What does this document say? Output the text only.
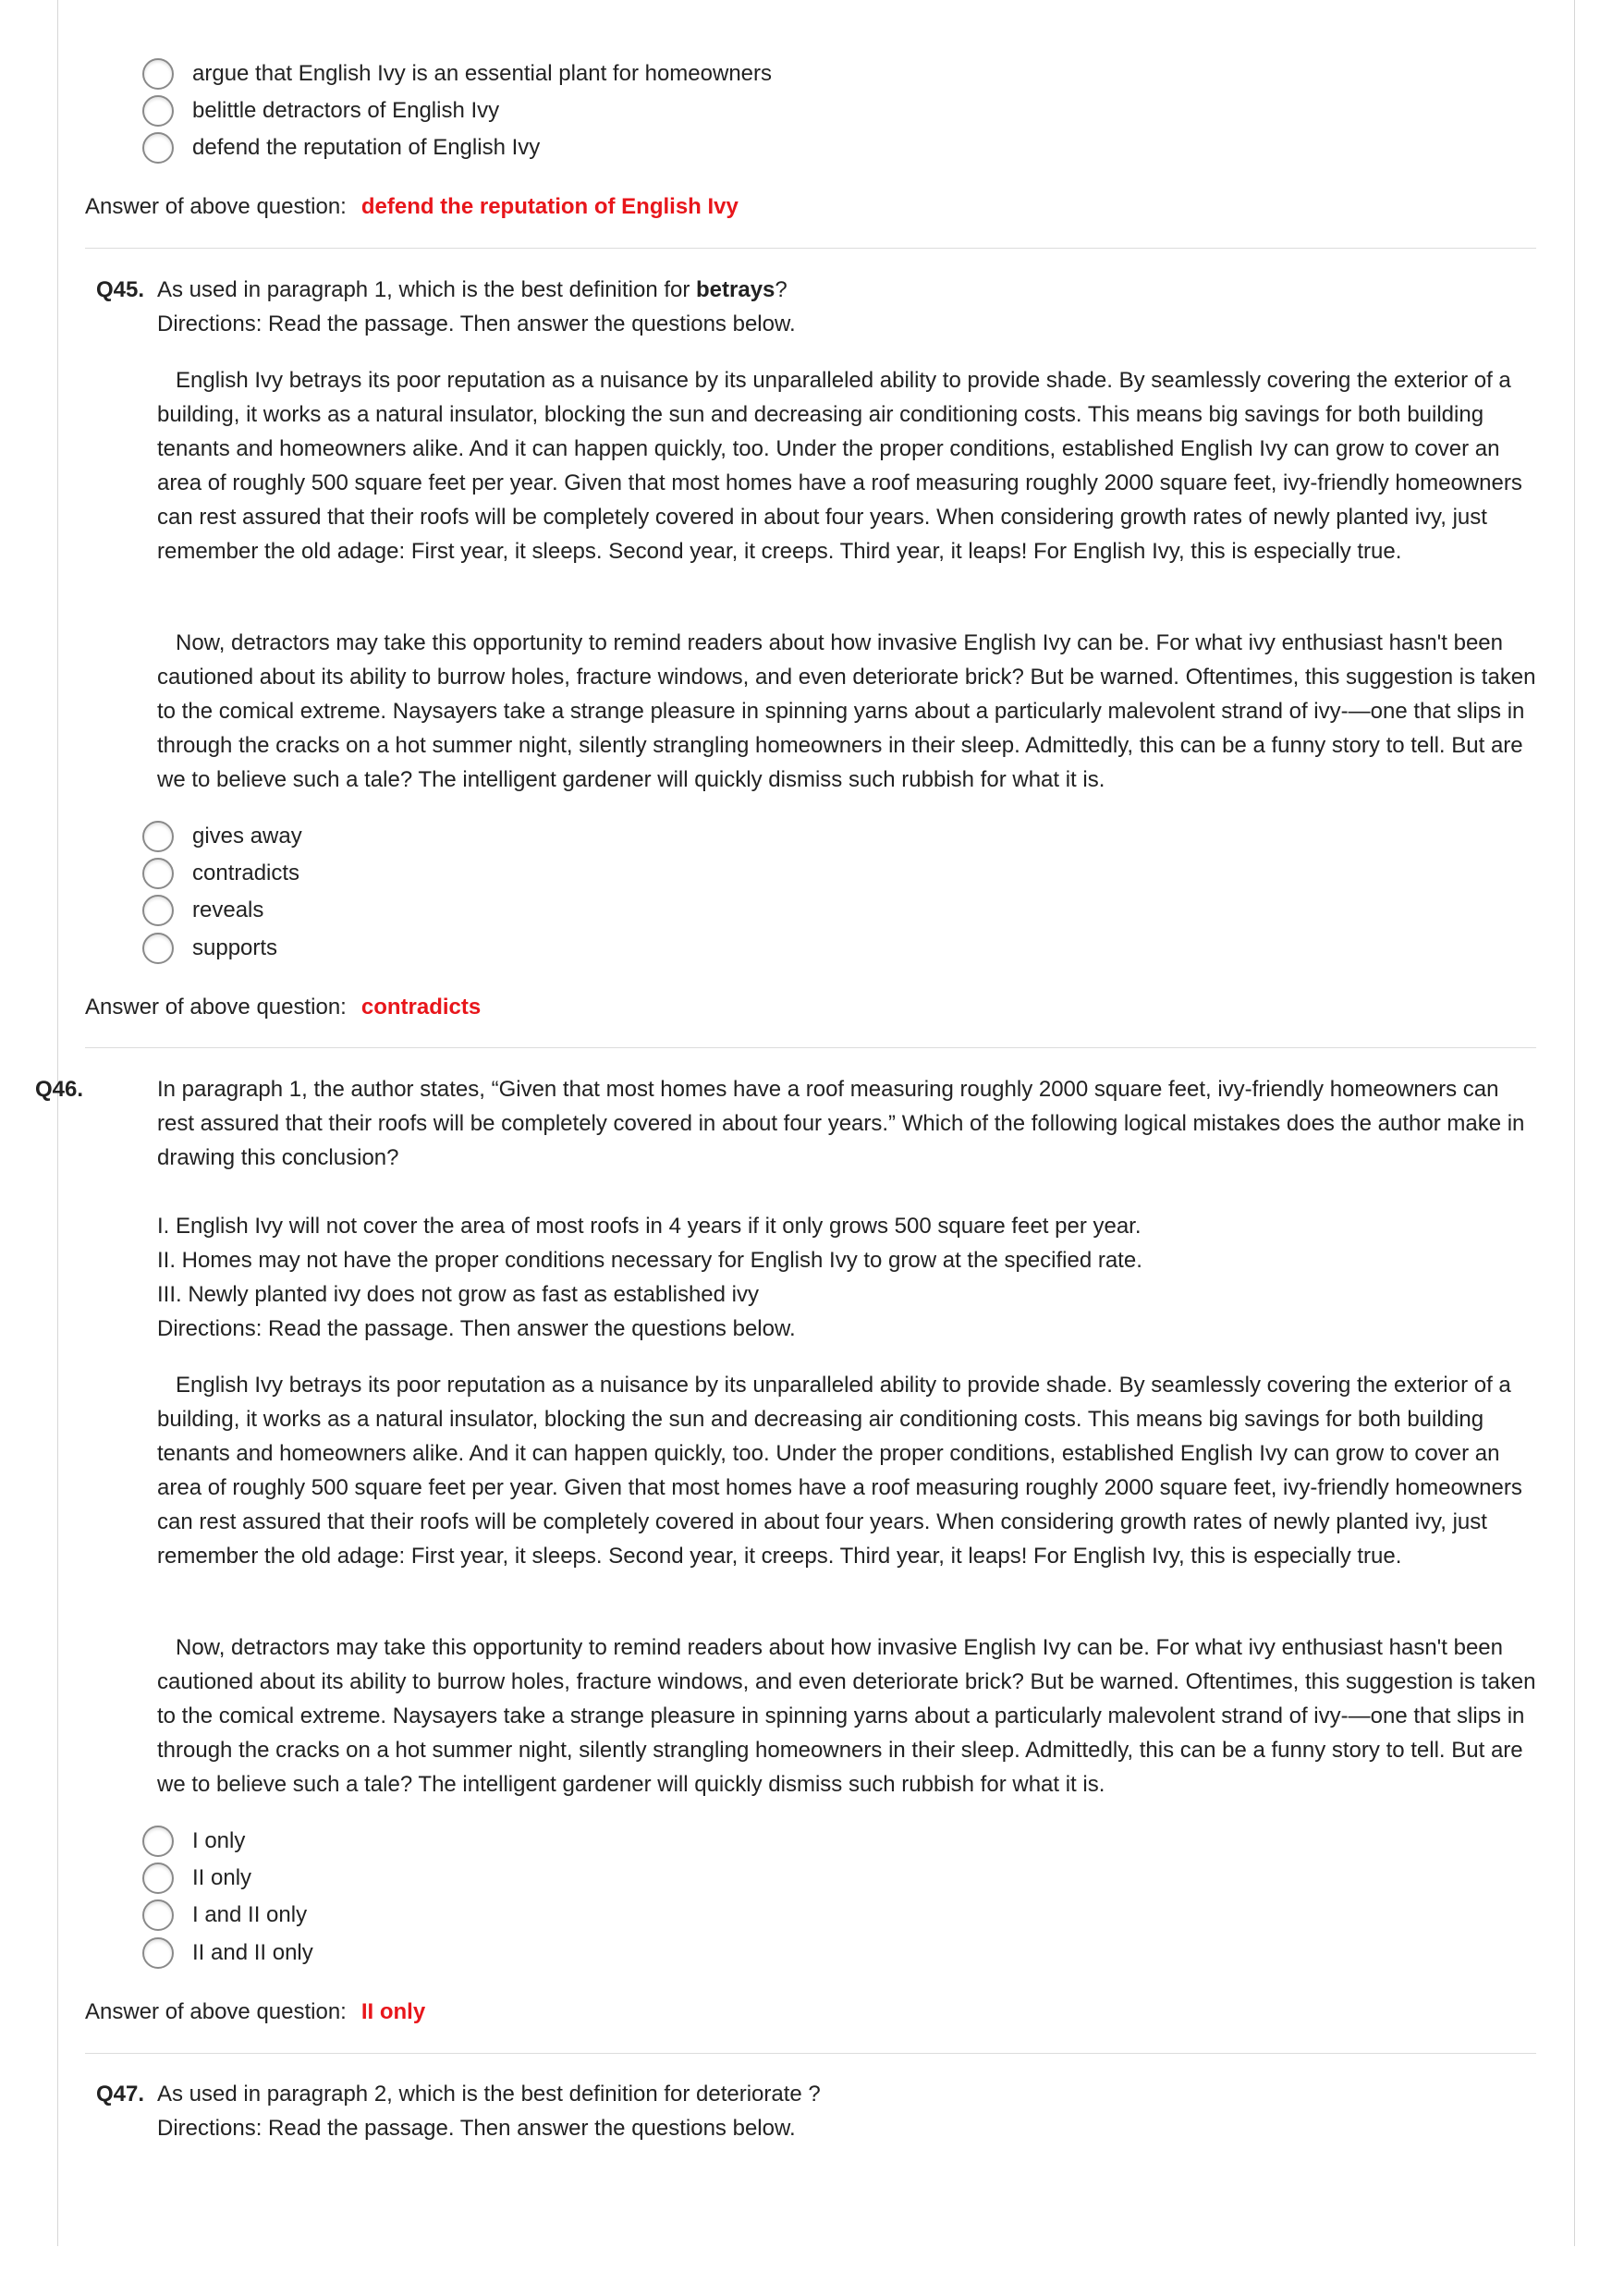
argue that English Ivy is an essential plant for homeowners
belittle detractors of English Ivy
defend the reputation of English Ivy
Answer of above question: defend the reputation of English Ivy
Q45. As used in paragraph 1, which is the best definition for betrays?
Directions: Read the passage. Then answer the questions below.
English Ivy betrays its poor reputation as a nuisance by its unparalleled ability to provide shade. By seamlessly covering the exterior of a building, it works as a natural insulator, blocking the sun and decreasing air conditioning costs. This means big savings for both building tenants and homeowners alike. And it can happen quickly, too. Under the proper conditions, established English Ivy can grow to cover an area of roughly 500 square feet per year. Given that most homes have a roof measuring roughly 2000 square feet, ivy-friendly homeowners can rest assured that their roofs will be completely covered in about four years. When considering growth rates of newly planted ivy, just remember the old adage: First year, it sleeps. Second year, it creeps. Third year, it leaps! For English Ivy, this is especially true.
Now, detractors may take this opportunity to remind readers about how invasive English Ivy can be. For what ivy enthusiast hasn't been cautioned about its ability to burrow holes, fracture windows, and even deteriorate brick? But be warned. Oftentimes, this suggestion is taken to the comical extreme. Naysayers take a strange pleasure in spinning yarns about a particularly malevolent strand of ivy-—one that slips in through the cracks on a hot summer night, silently strangling homeowners in their sleep. Admittedly, this can be a funny story to tell. But are we to believe such a tale? The intelligent gardener will quickly dismiss such rubbish for what it is.
gives away
contradicts
reveals
supports
Answer of above question: contradicts
Q46.	In paragraph 1, the author states, “Given that most homes have a roof measuring roughly 2000 square feet, ivy-friendly homeowners can rest assured that their roofs will be completely covered in about four years.” Which of the following logical mistakes does the author make in drawing this conclusion?
I. English Ivy will not cover the area of most roofs in 4 years if it only grows 500 square feet per year.
II. Homes may not have the proper conditions necessary for English Ivy to grow at the specified rate.
III. Newly planted ivy does not grow as fast as established ivy
Directions: Read the passage. Then answer the questions below.
English Ivy betrays its poor reputation as a nuisance by its unparalleled ability to provide shade. By seamlessly covering the exterior of a building, it works as a natural insulator, blocking the sun and decreasing air conditioning costs. This means big savings for both building tenants and homeowners alike. And it can happen quickly, too. Under the proper conditions, established English Ivy can grow to cover an area of roughly 500 square feet per year. Given that most homes have a roof measuring roughly 2000 square feet, ivy-friendly homeowners can rest assured that their roofs will be completely covered in about four years. When considering growth rates of newly planted ivy, just remember the old adage: First year, it sleeps. Second year, it creeps. Third year, it leaps! For English Ivy, this is especially true.
Now, detractors may take this opportunity to remind readers about how invasive English Ivy can be. For what ivy enthusiast hasn't been cautioned about its ability to burrow holes, fracture windows, and even deteriorate brick? But be warned. Oftentimes, this suggestion is taken to the comical extreme. Naysayers take a strange pleasure in spinning yarns about a particularly malevolent strand of ivy-—one that slips in through the cracks on a hot summer night, silently strangling homeowners in their sleep. Admittedly, this can be a funny story to tell. But are we to believe such a tale? The intelligent gardener will quickly dismiss such rubbish for what it is.
I only
II only
I and II only
II and II only
Answer of above question: II only
Q47. As used in paragraph 2, which is the best definition for deteriorate ?
Directions: Read the passage. Then answer the questions below.
